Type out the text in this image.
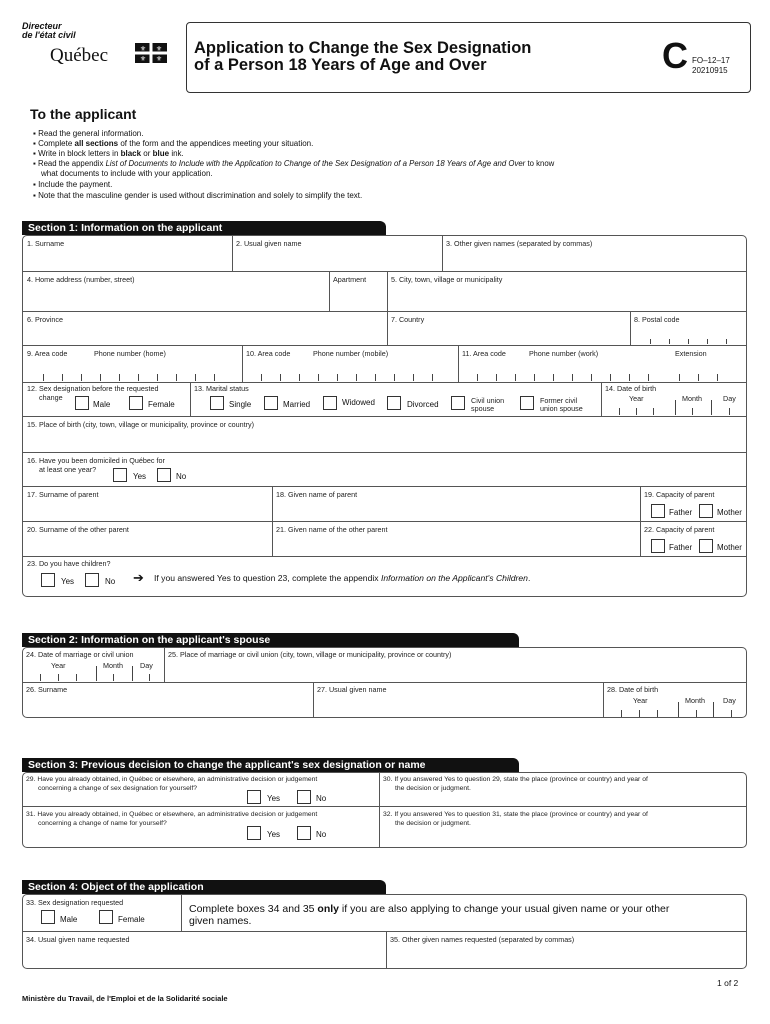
Directeur
de l'état civil
Québec	⚜ ⚜
⚜ ⚜
Application to Change the Sex Designation
of a Person 18 Years of Age and Over	C FO–12–17
20210915
To the applicant
▪ Read the general information.
▪ Complete all sections of the form and the appendices meeting your situation.
▪ Write in block letters in black or blue ink.
▪ Read the appendix List of Documents to Include with the Application to Change of the Sex Designation of a Person 18 Years of Age and Over to know
what documents to include with your application.
▪ Include the payment.
▪ Note that the masculine gender is used without discrimination and solely to simplify the text.
Section 1: Information on the applicant
1. Surname	2. Usual given name	3. Other given names (separated by commas)
4. Home address (number, street)	Apartment	5. City, town, village or municipality
6. Province	7. Country	8. Postal code
9. Area code	Phone number (home)	10. Area code	Phone number (mobile)	11. Area code	Phone number (work)	Extension
12. Sex designation before the requested
change
Male	Female
13. Marital status
Single	Married	Widowed	Divorced	Civil union
spouse
Former civil
union spouse
14. Date of birth
Year	Month	Day
15. Place of birth (city, town, village or municipality, province or country)
16. Have you been domiciled in Québec for
at least one year?
Yes	No
17. Surname of parent	18. Given name of parent	19. Capacity of parent
Father	Mother
20. Surname of the other parent	21. Given name of the other parent	22. Capacity of parent
Father	Mother
23. Do you have children?
Yes	No ➔ If you answered Yes to question 23, complete the appendix Information on the Applicant's Children.
Section 2: Information on the applicant's spouse
24. Date of marriage or civil union
Year	Month Day
25. Place of marriage or civil union (city, town, village or municipality, province or country)
26. Surname	27. Usual given name	28. Date of birth
Year	Month	Day
Section 3: Previous decision to change the applicant's sex designation or name
29. Have you already obtained, in Québec or elsewhere, an administrative decision or judgement
concerning a change of sex designation for yourself?
Yes	No
30. If you answered Yes to question 29, state the place (province or country) and year of
the decision or judgment.
31. Have you already obtained, in Québec or elsewhere, an administrative decision or judgement
concerning a change of name for yourself?
Yes	No
32. If you answered Yes to question 31, state the place (province or country) and year of
the decision or judgment.
Section 4: Object of the application
33. Sex designation requested
Male	Female
Complete boxes 34 and 35 only if you are also applying to change your usual given name or your other
given names.
34. Usual given name requested	35. Other given names requested (separated by commas)
1 of 2
Ministère du Travail, de l'Emploi et de la Solidarité sociale
